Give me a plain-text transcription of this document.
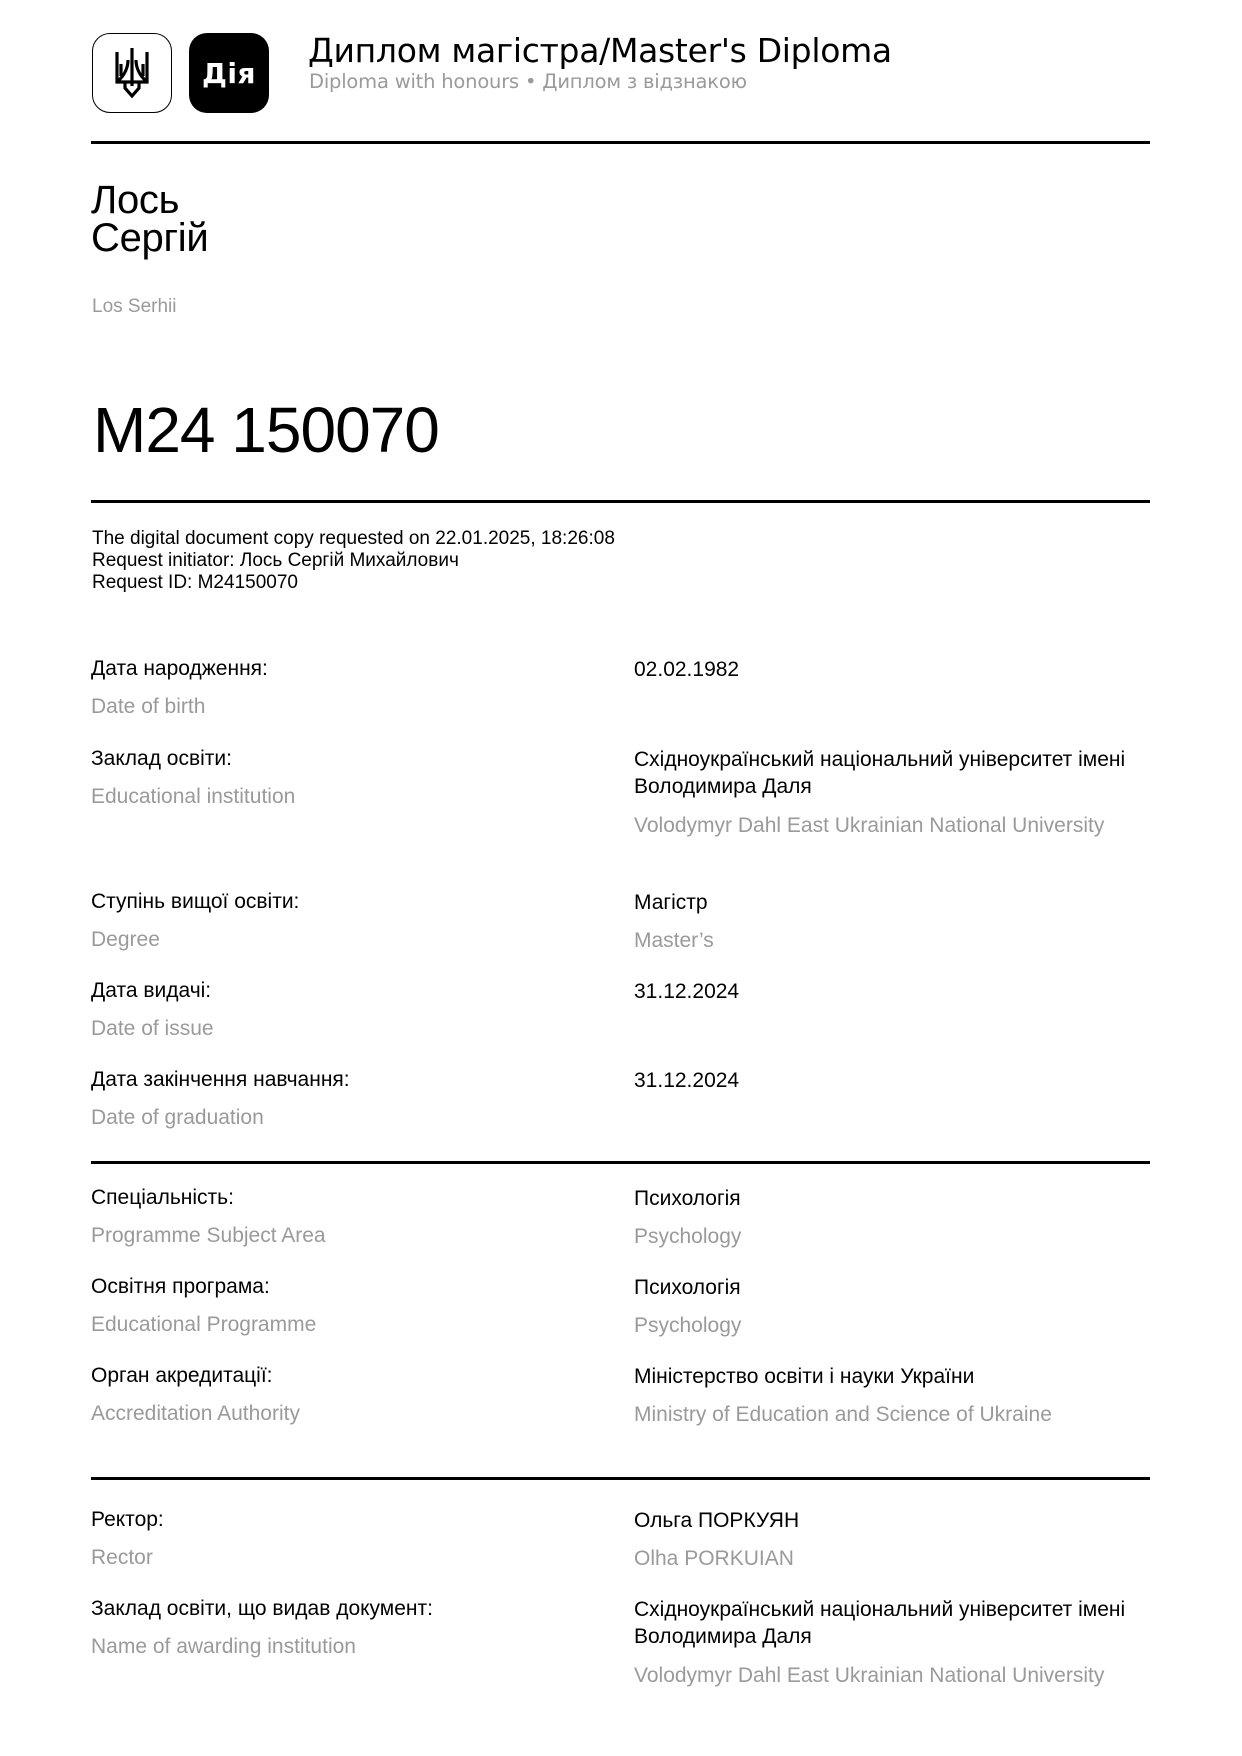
Дія
Диплом магістра/Master's Diploma
Diploma with honours • Диплом з відзнакою
Лось
Сергій
Los Serhii
M24 150070
The digital document copy requested on 22.01.2025, 18:26:08
Request initiator: Лось Сергій Михайлович
Request ID: M24150070
Дата народження:
Date of birth
02.02.1982
Заклад освіти:
Educational institution
Східноукраїнський національний університет імені Володимира Даля
Volodymyr Dahl East Ukrainian National University
Ступінь вищої освіти:
Degree
Магістр
Master’s
Дата видачі:
Date of issue
31.12.2024
Дата закінчення навчання:
Date of graduation
31.12.2024
Спеціальність:
Programme Subject Area
Психологія
Psychology
Освітня програма:
Educational Programme
Психологія
Psychology
Орган акредитації:
Accreditation Authority
Міністерство освіти і науки України
Ministry of Education and Science of Ukraine
Ректор:
Rector
Ольга ПОРКУЯН
Olha PORKUIAN
Заклад освіти, що видав документ:
Name of awarding institution
Східноукраїнський національний університет імені Володимира Даля
Volodymyr Dahl East Ukrainian National University
